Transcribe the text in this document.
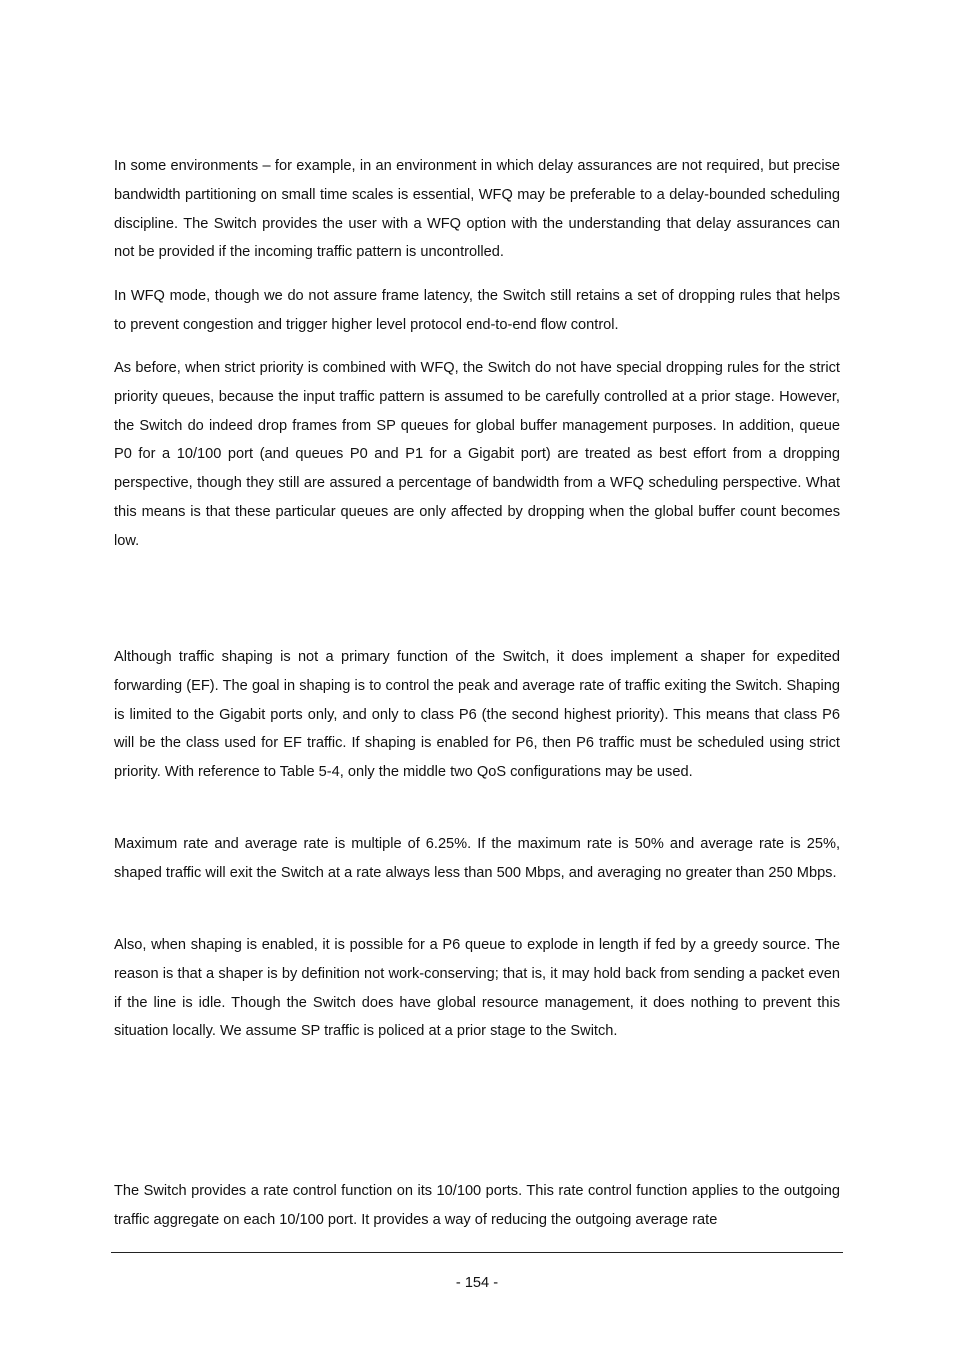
In some environments – for example, in an environment in which delay assurances are not required, but precise bandwidth partitioning on small time scales is essential, WFQ may be preferable to a delay-bounded scheduling discipline. The Switch provides the user with a WFQ option with the understanding that delay assurances can not be provided if the incoming traffic pattern is uncontrolled.

In WFQ mode, though we do not assure frame latency, the Switch still retains a set of dropping rules that helps to prevent congestion and trigger higher level protocol end-to-end flow control.

As before, when strict priority is combined with WFQ, the Switch do not have special dropping rules for the strict priority queues, because the input traffic pattern is assumed to be carefully controlled at a prior stage. However, the Switch do indeed drop frames from SP queues for global buffer management purposes. In addition, queue P0 for a 10/100 port (and queues P0 and P1 for a Gigabit port) are treated as best effort from a dropping perspective, though they still are assured a percentage of bandwidth from a WFQ scheduling perspective. What this means is that these particular queues are only affected by dropping when the global buffer count becomes low.

Although traffic shaping is not a primary function of the Switch, it does implement a shaper for expedited forwarding (EF). The goal in shaping is to control the peak and average rate of traffic exiting the Switch. Shaping is limited to the Gigabit ports only, and only to class P6 (the second highest priority). This means that class P6 will be the class used for EF traffic. If shaping is enabled for P6, then P6 traffic must be scheduled using strict priority. With reference to Table 5-4, only the middle two QoS configurations may be used.

Maximum rate and average rate is multiple of 6.25%. If the maximum rate is 50% and average rate is 25%, shaped traffic will exit the Switch at a rate always less than 500 Mbps, and averaging no greater than 250 Mbps.

Also, when shaping is enabled, it is possible for a P6 queue to explode in length if fed by a greedy source. The reason is that a shaper is by definition not work-conserving; that is, it may hold back from sending a packet even if the line is idle. Though the Switch does have global resource management, it does nothing to prevent this situation locally. We assume SP traffic is policed at a prior stage to the Switch.

The Switch provides a rate control function on its 10/100 ports. This rate control function applies to the outgoing traffic aggregate on each 10/100 port. It provides a way of reducing the outgoing average rate

- 154 -
